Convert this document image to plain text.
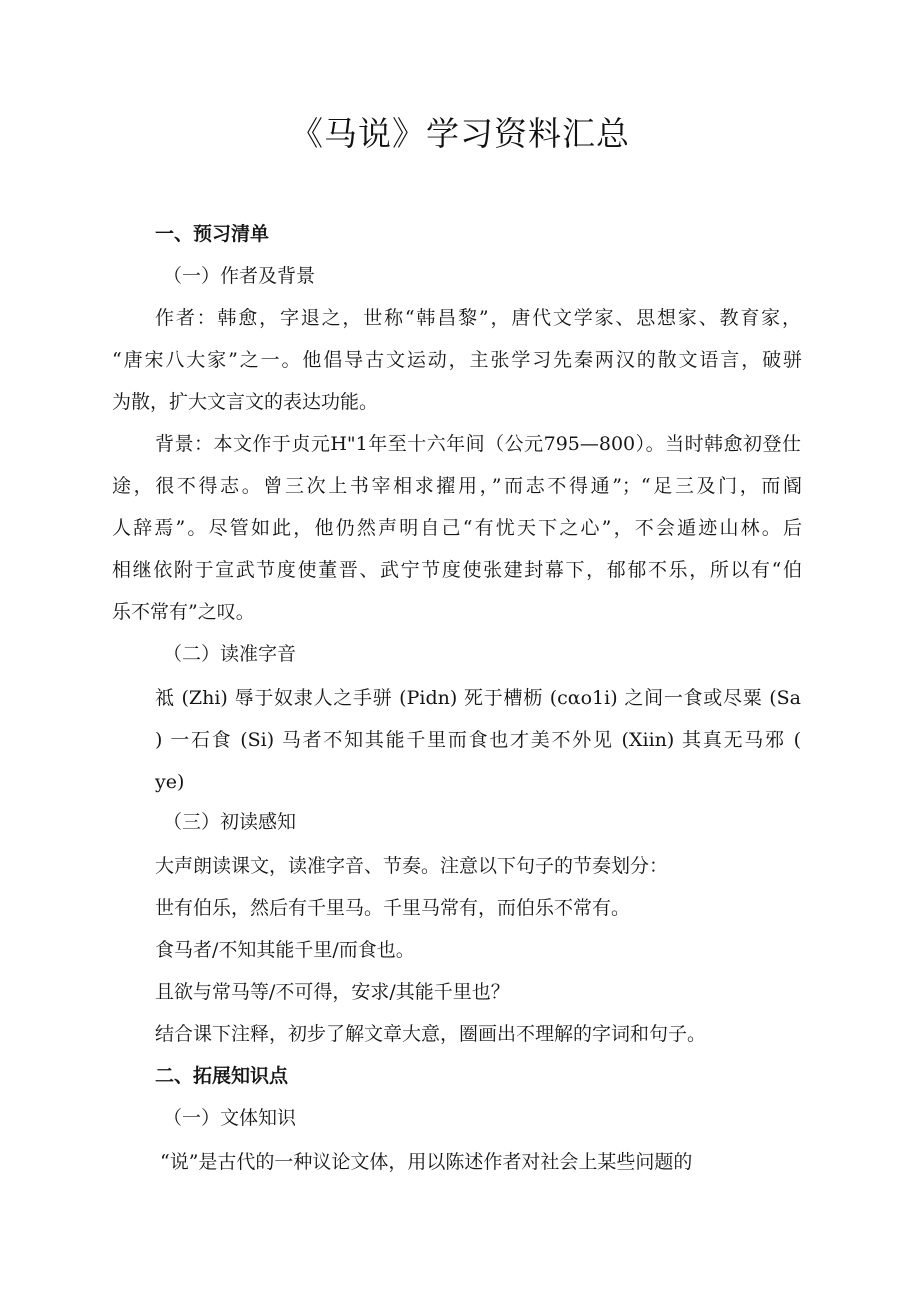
《马说》学习资料汇总
一、预习清单
（一）作者及背景
作者：韩愈，字退之，世称“韩昌黎”，唐代文学家、思想家、教育家，
“唐宋八大家”之一。他倡导古文运动，主张学习先秦两汉的散文语言，破骈
为散，扩大文言文的表达功能。
背景：本文作于贞元H"1年至十六年间（公元795—800）。当时韩愈初登仕
途，很不得志。曾三次上书宰相求擢用，”而志不得通”；“足三及门，而阍
人辞焉”。尽管如此，他仍然声明自己“有忧天下之心”，不会遁迹山林。后
相继依附于宣武节度使董晋、武宁节度使张建封幕下，郁郁不乐，所以有“伯
乐不常有”之叹。
（二）读准字音
祗 (Zhi) 辱于奴隶人之手骈 (Pidn) 死于槽枥 (cαo1i) 之间一食或尽粟 (Sa
) 一石食 (Si) 马者不知其能千里而食也才美不外见 (Xiin) 其真无马邪 (
ye)
（三）初读感知
大声朗读课文，读准字音、节奏。注意以下句子的节奏划分：
世有伯乐，然后有千里马。千里马常有，而伯乐不常有。
食马者/不知其能千里/而食也。
且欲与常马等/不可得，安求/其能千里也？
结合课下注释，初步了解文章大意，圈画出不理解的字词和句子。
二、拓展知识点
（一）文体知识
“说”是古代的一种议论文体，用以陈述作者对社会上某些问题的
